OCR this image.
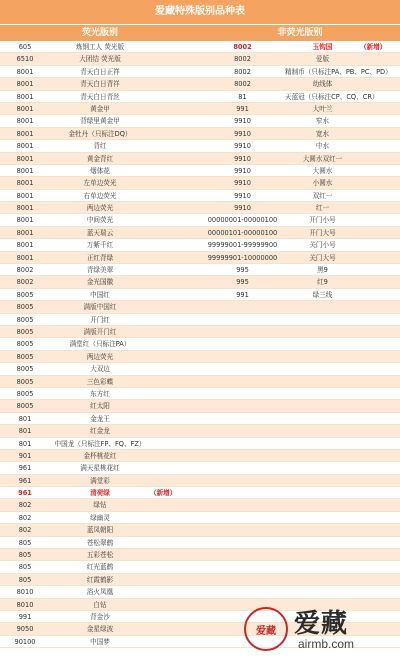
爱藏特殊版别品种表
荧光版别	非荧光版别
605	炼钢工人 荧光版	8002	玉钩国	（新增）
6510	大团结 荧光版	8002	爱版
8001	青天白日正祥	8002	精制币（只标注PA、PB、PC、PD）
8001	青天白日背祥	8002	幼线体
8001	青天白日青丝	81	天蓝冠（只标注CP、CQ、CR）
8001	黄金甲	991	大叶兰
8001	背绿里黄金甲	9910	窄水
8001	金牡丹（只标注DQ）	9910	宽水
8001	背红	9910	中水
8001	黄金背红	9910	大圆水双红一
8001	烟体花	9910	大圆水
8001	左单边荧光	9910	小圆水
8001	右单边荧光	9910	双红一
8001	两边荧光	9910	红一
8001	中间荧光	00000001-00000100	开门小号
8001	蓝天瑞云	00000101-00000100	开门大号
8001	万紫千红	99999001-99999900	关门小号
8001	正红背绿	99999901-10000000	关门大号
8002	青绿美翠	995	黑9
8002	金光国徽	995	红9
8005	中国红	991	绿三线
8005	满版中国红
8005	开门红
8005	满版开门红
8005	满堂红（只标注PA）
8005	两边荧光
8005	大双边
8005	三色彩蝶
8005	东方红
8005	红太阳
801	金龙王
801	红金龙
801	中国龙（只标注FP、FQ、FZ）
901	金杯桃花红
961	满天星桃花红
961	满堂彩
961	清荷绿	（新增）
802	绿钻
802	绿幽灵
802	蓝凤朝阳
805	苍松翠鹤
805	五彩苍松
805	红光蓝鹤
805	红霞鹤影
8010	浴火凤凰
8010	白钻
991	背金沙
9050	金星绿波
90100	中国梦
爱藏 爱藏
airmb.com
